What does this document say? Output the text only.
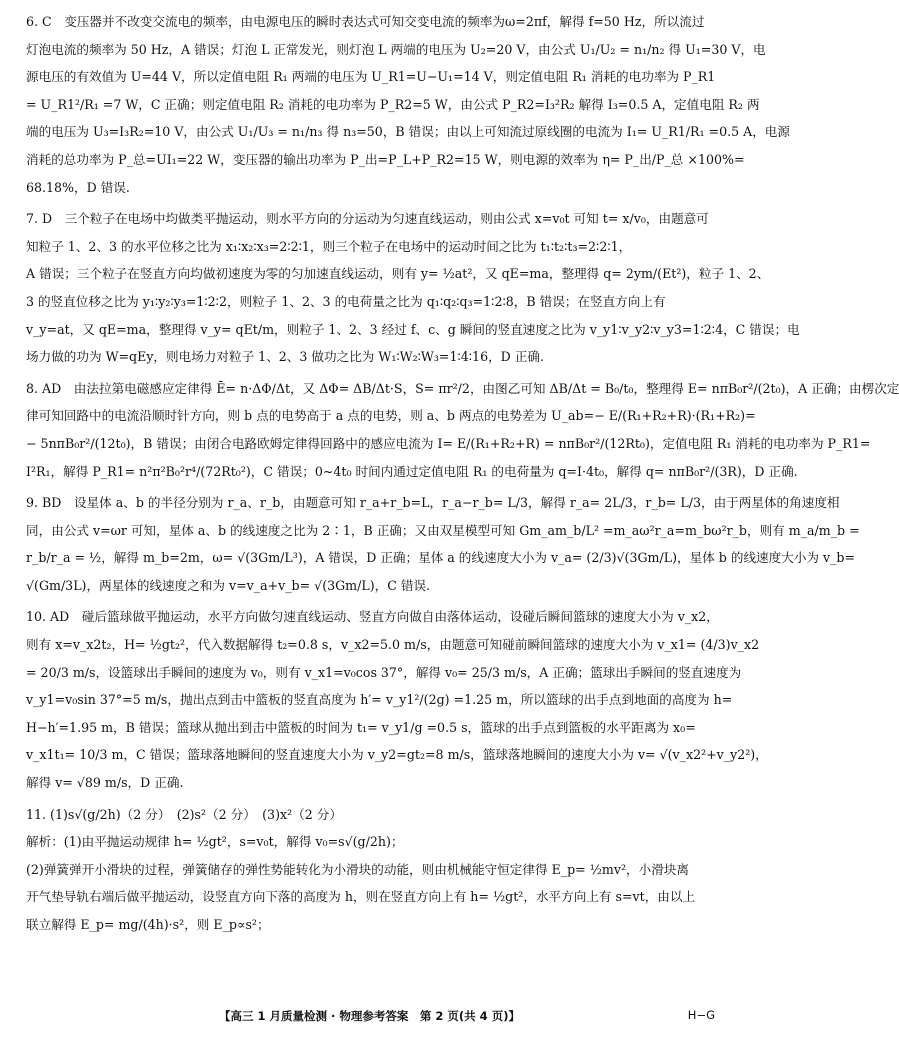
6. C　变压器并不改变交流电的频率，由电源电压的瞬时表达式可知交变电流的频率为ω=2πf，解得 f=50 Hz，所以流过
灯泡电流的频率为 50 Hz，A 错误；灯泡 L 正常发光，则灯泡 L 两端的电压为 U₂=20 V，由公式 U₁/U₂ = n₁/n₂ 得 U₁=30 V，电
源电压的有效值为 U=44 V，所以定值电阻 R₁ 两端的电压为 U_R1=U−U₁=14 V，则定值电阻 R₁ 消耗的电功率为 P_R1
= U_R1²/R₁ =7 W，C 正确；则定值电阻 R₂ 消耗的电功率为 P_R2=5 W，由公式 P_R2=I₃²R₂ 解得 I₃=0.5 A，定值电阻 R₂ 两
端的电压为 U₃=I₃R₂=10 V，由公式 U₁/U₃ = n₁/n₃ 得 n₃=50，B 错误；由以上可知流过原线圈的电流为 I₁= U_R1/R₁ =0.5 A，电源
消耗的总功率为 P_总=UI₁=22 W，变压器的输出功率为 P_出=P_L+P_R2=15 W，则电源的效率为 η= P_出/P_总 ×100%=
68.18%，D 错误.
7. D　三个粒子在电场中均做类平抛运动，则水平方向的分运动为匀速直线运动，则由公式 x=v₀t 可知 t= x/v₀，由题意可
知粒子 1、2、3 的水平位移之比为 x₁∶x₂∶x₃=2∶2∶1，则三个粒子在电场中的运动时间之比为 t₁∶t₂∶t₃=2∶2∶1，
A 错误；三个粒子在竖直方向均做初速度为零的匀加速直线运动，则有 y= ½at²，又 qE=ma，整理得 q= 2ym/(Et²)，粒子 1、2、
3 的竖直位移之比为 y₁∶y₂∶y₃=1∶2∶2，则粒子 1、2、3 的电荷量之比为 q₁∶q₂∶q₃=1∶2∶8，B 错误；在竖直方向上有
v_y=at，又 qE=ma，整理得 v_y= qEt/m，则粒子 1、2、3 经过 f、c、g 瞬间的竖直速度之比为 v_y1∶v_y2∶v_y3=1∶2∶4，C 错误；电
场力做的功为 W=qEy，则电场力对粒子 1、2、3 做功之比为 W₁∶W₂∶W₃=1∶4∶16，D 正确.
8. AD　由法拉第电磁感应定律得 Ē= n·ΔΦ/Δt，又 ΔΦ= ΔB/Δt·S，S= πr²/2，由图乙可知 ΔB/Δt = B₀/t₀，整理得 E= nπB₀r²/(2t₀)，A 正确；由楞次定
律可知回路中的电流沿顺时针方向，则 b 点的电势高于 a 点的电势，则 a、b 两点的电势差为 U_ab=− E/(R₁+R₂+R)·(R₁+R₂)=
− 5nπB₀r²/(12t₀)，B 错误；由闭合电路欧姆定律得回路中的感应电流为 I= E/(R₁+R₂+R) = nπB₀r²/(12Rt₀)，定值电阻 R₁ 消耗的电功率为 P_R1=
I²R₁，解得 P_R1= n²π²B₀²r⁴/(72Rt₀²)，C 错误；0~4t₀ 时间内通过定值电阻 R₁ 的电荷量为 q=I·4t₀，解得 q= nπB₀r²/(3R)，D 正确.
9. BD　设星体 a、b 的半径分别为 r_a、r_b，由题意可知 r_a+r_b=L，r_a−r_b= L/3，解得 r_a= 2L/3，r_b= L/3，由于两星体的角速度相
同，由公式 v=ωr 可知，星体 a、b 的线速度之比为 2∶1，B 正确；又由双星模型可知 Gm_am_b/L² =m_aω²r_a=m_bω²r_b，则有 m_a/m_b =
r_b/r_a = ½，解得 m_b=2m，ω= √(3Gm/L³)，A 错误，D 正确；星体 a 的线速度大小为 v_a= (2/3)√(3Gm/L)，星体 b 的线速度大小为 v_b=
√(Gm/3L)，两星体的线速度之和为 v=v_a+v_b= √(3Gm/L)，C 错误.
10. AD　碰后篮球做平抛运动，水平方向做匀速直线运动、竖直方向做自由落体运动，设碰后瞬间篮球的速度大小为 v_x2，
则有 x=v_x2t₂，H= ½gt₂²，代入数据解得 t₂=0.8 s，v_x2=5.0 m/s，由题意可知碰前瞬间篮球的速度大小为 v_x1= (4/3)v_x2
= 20/3 m/s，设篮球出手瞬间的速度为 v₀，则有 v_x1=v₀cos 37°，解得 v₀= 25/3 m/s，A 正确；篮球出手瞬间的竖直速度为
v_y1=v₀sin 37°=5 m/s，抛出点到击中篮板的竖直高度为 h′= v_y1²/(2g) =1.25 m，所以篮球的出手点到地面的高度为 h=
H−h′=1.95 m，B 错误；篮球从抛出到击中篮板的时间为 t₁= v_y1/g =0.5 s，篮球的出手点到篮板的水平距离为 x₀=
v_x1t₁= 10/3 m，C 错误；篮球落地瞬间的竖直速度大小为 v_y2=gt₂=8 m/s，篮球落地瞬间的速度大小为 v= √(v_x2²+v_y2²)，
解得 v= √89 m/s，D 正确.
11. (1)s√(g/2h)（2 分）　(2)s²（2 分）　(3)x²（2 分）
解析：(1)由平抛运动规律 h= ½gt²，s=v₀t，解得 v₀=s√(g/2h)；
(2)弹簧弹开小滑块的过程，弹簧储存的弹性势能转化为小滑块的动能，则由机械能守恒定律得 E_p= ½mv²，小滑块离
开气垫导轨右端后做平抛运动，设竖直方向下落的高度为 h，则在竖直方向上有 h= ½gt²，水平方向上有 s=vt，由以上
联立解得 E_p= mg/(4h)·s²，则 E_p∝s²；
【高三 1 月质量检测 · 物理参考答案　第 2 页(共 4 页)】	H−G
